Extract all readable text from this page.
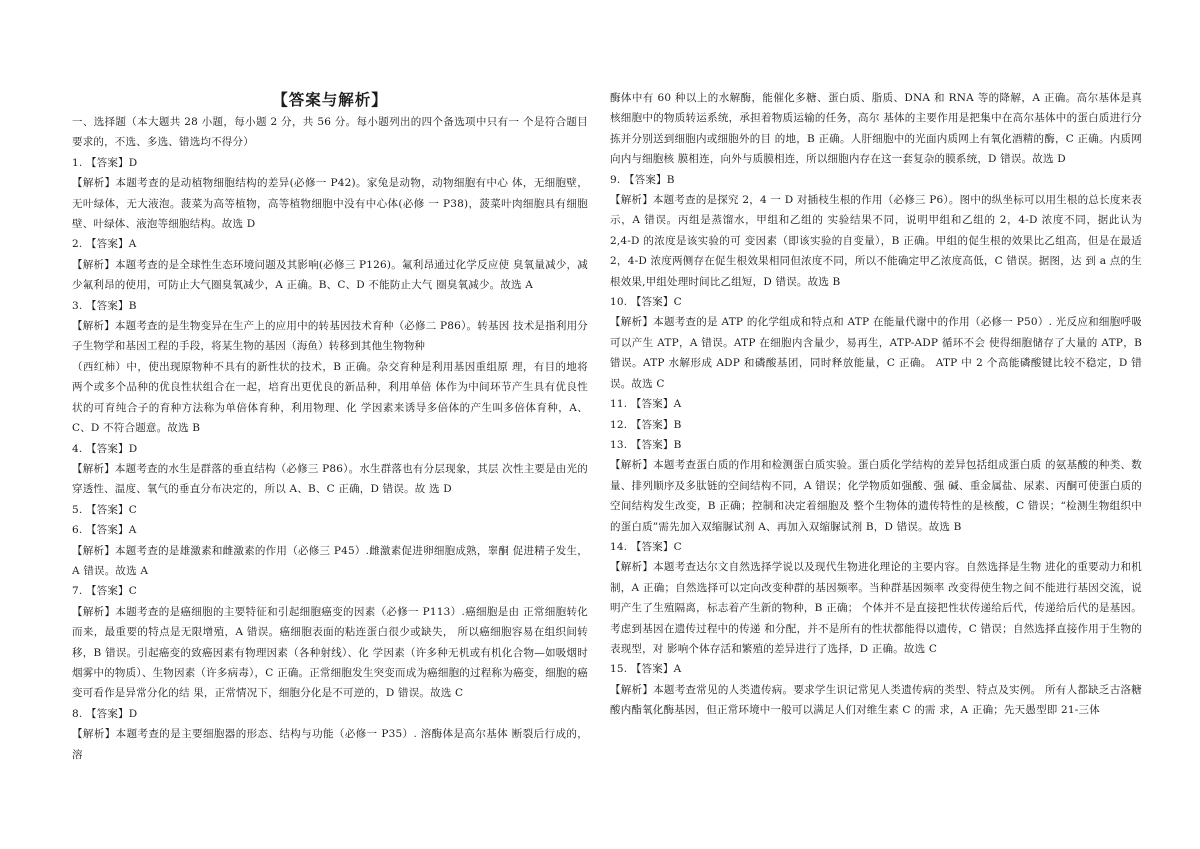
【答案与解析】

一、选择题（本大题共 28 小题，每小题 2 分，共 56 分。每小题列出的四个备选项中只有一 个是符合题目要求的，不选、多选、错选均不得分）

1. 【答案】D

【解析】本题考查的是动植物细胞结构的差异(必修一 P42)。家兔是动物，动物细胞有中心 体，无细胞壁，无叶绿体，无大液泡。菠菜为高等植物，高等植物细胞中没有中心体(必修 一 P38)，菠菜叶肉细胞具有细胞壁、叶绿体、液泡等细胞结构。故选 D

2. 【答案】A

【解析】本题考查的是全球性生态环境问题及其影响(必修三 P126)。氟利昂通过化学反应使 臭氧量减少，减少氟利昂的使用，可防止大气圈臭氧减少，A 正确。B、C、D 不能防止大气 圈臭氧减少。故选 A

3. 【答案】B

【解析】本题考查的是生物变异在生产上的应用中的转基因技术育种（必修二 P86）。转基因 技术是指利用分子生物学和基因工程的手段，将某生物的基因（海鱼）转移到其他生物物种

（西红柿）中，使出现原物种不具有的新性状的技术，B 正确。杂交育种是利用基因重组原 理，有目的地将两个或多个品种的优良性状组合在一起，培育出更优良的新品种，利用单倍 体作为中间环节产生具有优良性状的可育纯合子的育种方法称为单倍体育种，利用物理、化 学因素来诱导多倍体的产生叫多倍体育种，A、C、D 不符合题意。故选 B

4. 【答案】D

【解析】本题考查的水生是群落的垂直结构（必修三 P86）。水生群落也有分层现象，其层 次性主要是由光的穿透性、温度、氧气的垂直分布决定的，所以 A、B、C 正确，D 错误。故 选 D

5. 【答案】C

6. 【答案】A

【解析】本题考查的是雄激素和雌激素的作用（必修三 P45）.雌激素促进卵细胞成熟，睾酮 促进精子发生，A 错误。故选 A

7. 【答案】C

【解析】本题考查的是癌细胞的主要特征和引起细胞癌变的因素（必修一 P113）.癌细胞是由 正常细胞转化而来，最重要的特点是无限增殖，A 错误。癌细胞表面的粘连蛋白很少或缺失， 所以癌细胞容易在组织间转移，B 错误。引起癌变的致癌因素有物理因素（各种射线）、化 学因素（许多种无机或有机化合物—如吸烟时烟雾中的物质）、生物因素（许多病毒），C 正确。正常细胞发生突变而成为癌细胞的过程称为癌变，细胞的癌变可看作是异常分化的结 果，正常情况下，细胞分化是不可逆的，D 错误。故选 C

8. 【答案】D

【解析】本题考查的是主要细胞器的形态、结构与功能（必修一 P35）. 溶酶体是高尔基体 断裂后行成的，溶

酶体中有 60 种以上的水解酶，能催化多糖、蛋白质、脂质、DNA 和 RNA 等的降解，A 正确。高尔基体是真核细胞中的物质转运系统，承担着物质运输的任务，高尔 基体的主要作用是把集中在高尔基体中的蛋白质进行分拣并分别送到细胞内或细胞外的目 的地，B 正确。人肝细胞中的光面内质网上有氧化酒精的酶，C 正确。内质网向内与细胞核 膜相连，向外与质膜相连，所以细胞内存在这一套复杂的膜系统，D 错误。故选 D

9. 【答案】B

【解析】本题考查的是探究 2，4 一 D 对插枝生根的作用（必修三 P6）。图中的纵坐标可以用生根的总长度来表示，A 错误。丙组是蒸馏水，甲组和乙组的 实验结果不同，说明甲组和乙组的 2，4-D 浓度不同，据此认为 2,4-D 的浓度是该实验的可 变因素（即该实验的自变量），B 正确。甲组的促生根的效果比乙组高，但是在最适 2，4-D 浓度两侧存在促生根效果相同但浓度不同，所以不能确定甲乙浓度高低，C 错误。据图，达 到 a 点的生根效果,甲组处理时间比乙组短，D 错误。故选 B

10. 【答案】C

【解析】本题考查的是 ATP 的化学组成和特点和 ATP 在能量代谢中的作用（必修一 P50）. 光反应和细胞呼吸可以产生 ATP，A 错误。ATP 在细胞内含量少，易再生，ATP-ADP 循环不会 使得细胞储存了大量的 ATP，B 错误。ATP 水解形成 ADP 和磷酸基团，同时释放能量，C 正确。 ATP 中 2 个高能磷酸键比较不稳定，D 错误。故选 C

11. 【答案】A

12. 【答案】B

13. 【答案】B

【解析】本题考查蛋白质的作用和检测蛋白质实验。蛋白质化学结构的差异包括组成蛋白质 的氨基酸的种类、数量、排列顺序及多肽链的空间结构不同，A 错误；化学物质如强酸、强 碱、重金属盐、尿素、丙酮可使蛋白质的空间结构发生改变，B 正确；控制和决定着细胞及 整个生物体的遗传特性的是核酸，C 错误；“检测生物组织中的蛋白质”需先加入双缩脲试剂 A、再加入双缩脲试剂 B，D 错误。故选 B

14. 【答案】C

【解析】本题考查达尔文自然选择学说以及现代生物进化理论的主要内容。自然选择是生物 进化的重要动力和机制，A 正确；自然选择可以定向改变种群的基因频率。当种群基因频率 改变得使生物之间不能进行基因交流，说明产生了生殖隔离，标志着产生新的物种，B 正确； 个体并不是直接把性状传递给后代，传递给后代的是基因。考虑到基因在遗传过程中的传递 和分配，并不是所有的性状都能得以遗传，C 错误；自然选择直接作用于生物的表现型，对 影响个体存活和繁殖的差异进行了选择，D 正确。故选 C

15. 【答案】A

【解析】本题考查常见的人类遗传病。要求学生识记常见人类遗传病的类型、特点及实例。 所有人都缺乏古洛糖酸内酯氧化酶基因，但正常环境中一般可以满足人们对维生素 C 的需 求，A 正确；先天愚型即 21-三体
